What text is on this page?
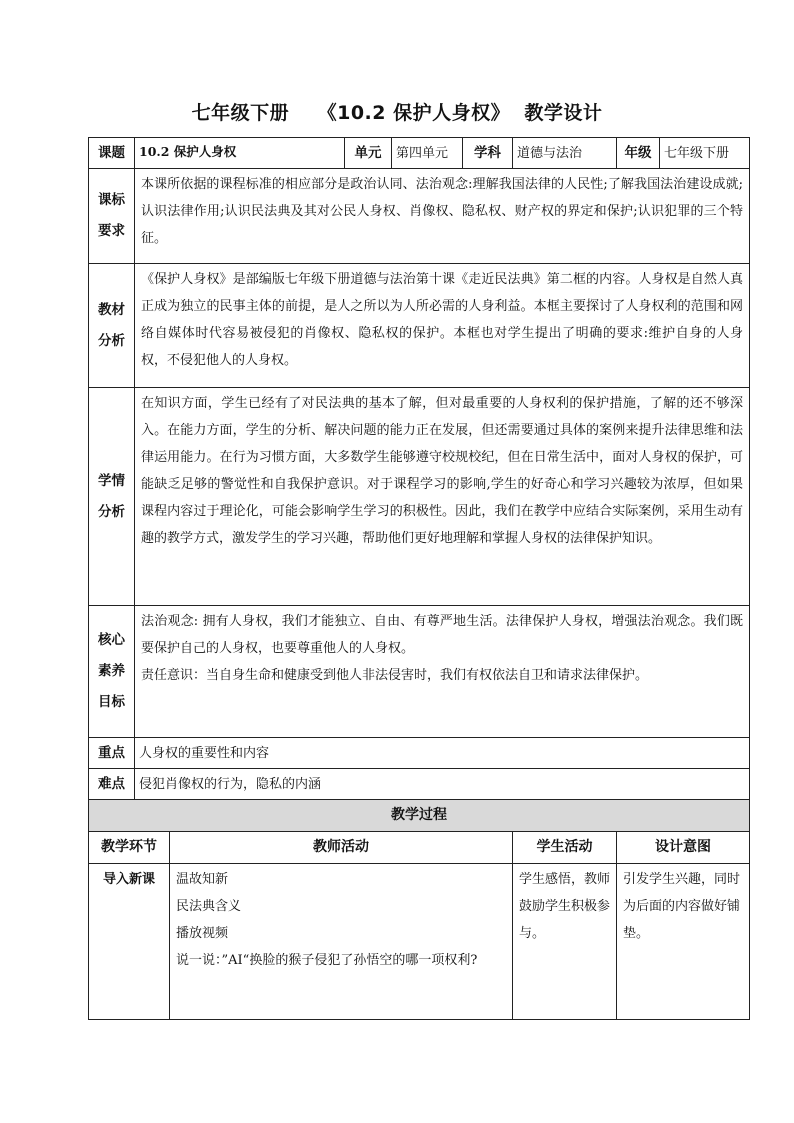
七年级下册    《10.2 保护人身权》  教学设计
课题	10.2 保护人身权		单元	第四单元	学科	道德与法治	年级	七年级下册

课标
要求	本课所依据的课程标准的相应部分是政治认同、法治观念:理解我国法律的人民性;了解我国法治建设成就;认识法律作用;认识民法典及其对公民人身权、肖像权、隐私权、财产权的界定和保护;认识犯罪的三个特征。							

教材
分析	《保护人身权》是部编版七年级下册道德与法治第十课《走近民法典》第二框的内容。人身权是自然人真正成为独立的民事主体的前提，是人之所以为人所必需的人身利益。本框主要探讨了人身权利的范围和网络自媒体时代容易被侵犯的肖像权、隐私权的保护。本框也对学生提出了明确的要求:维护自身的人身权，不侵犯他人的人身权。							

学情
分析	在知识方面，学生已经有了对民法典的基本了解，但对最重要的人身权利的保护措施，了解的还不够深入。在能力方面，学生的分析、解决问题的能力正在发展，但还需要通过具体的案例来提升法律思维和法律运用能力。在行为习惯方面，大多数学生能够遵守校规校纪，但在日常生活中，面对人身权的保护，可能缺乏足够的警觉性和自我保护意识。对于课程学习的影响,学生的好奇心和学习兴趣较为浓厚，但如果课程内容过于理论化，可能会影响学生学习的积极性。因此，我们在教学中应结合实际案例，采用生动有趣的教学方式，激发学生的学习兴趣，帮助他们更好地理解和掌握人身权的法律保护知识。							

核心
素养
目标	法治观念: 拥有人身权，我们才能独立、自由、有尊严地生活。法律保护人身权，增强法治观念。我们既要保护自己的人身权，也要尊重他人的人身权。
责任意识：当自身生命和健康受到他人非法侵害时，我们有权依法自卫和请求法律保护。							

重点	人身权的重要性和内容							
难点	侵犯肖像权的行为，隐私的内涵							
教学过程								
教学环节		教师活动				学生活动	设计意图	
导入新课		温故知新
民法典含义
播放视频
说一说：”AI“换脸的猴子侵犯了孙悟空的哪一项权利?				学生感悟，教师鼓励学生积极参与。	引发学生兴趣，同时为后面的内容做好铺垫。	
